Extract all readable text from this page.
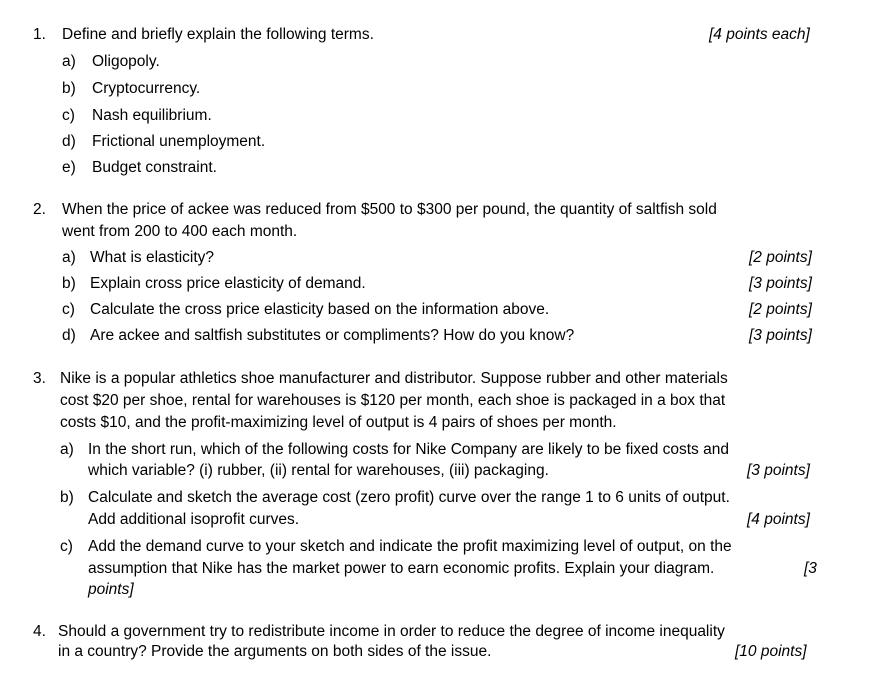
1. Define and briefly explain the following terms.	[4 points each]
a) Oligopoly.
b) Cryptocurrency.
c) Nash equilibrium.
d) Frictional unemployment.
e) Budget constraint.
2. When the price of ackee was reduced from $500 to $300 per pound, the quantity of saltfish sold
went from 200 to 400 each month.
a) What is elasticity?	[2 points]
b) Explain cross price elasticity of demand.	[3 points]
c) Calculate the cross price elasticity based on the information above.	[2 points]
d) Are ackee and saltfish substitutes or compliments? How do you know?	[3 points]
3. Nike is a popular athletics shoe manufacturer and distributor. Suppose rubber and other materials
cost $20 per shoe, rental for warehouses is $120 per month, each shoe is packaged in a box that
costs $10, and the profit-maximizing level of output is 4 pairs of shoes per month.
a) In the short run, which of the following costs for Nike Company are likely to be fixed costs and
which variable? (i) rubber, (ii) rental for warehouses, (iii) packaging.	[3 points]
b) Calculate and sketch the average cost (zero profit) curve over the range 1 to 6 units of output.
Add additional isoprofit curves.	[4 points]
c) Add the demand curve to your sketch and indicate the profit maximizing level of output, on the
assumption that Nike has the market power to earn economic profits. Explain your diagram.	[3
points]
4. Should a government try to redistribute income in order to reduce the degree of income inequality
in a country? Provide the arguments on both sides of the issue.	[10 points]
